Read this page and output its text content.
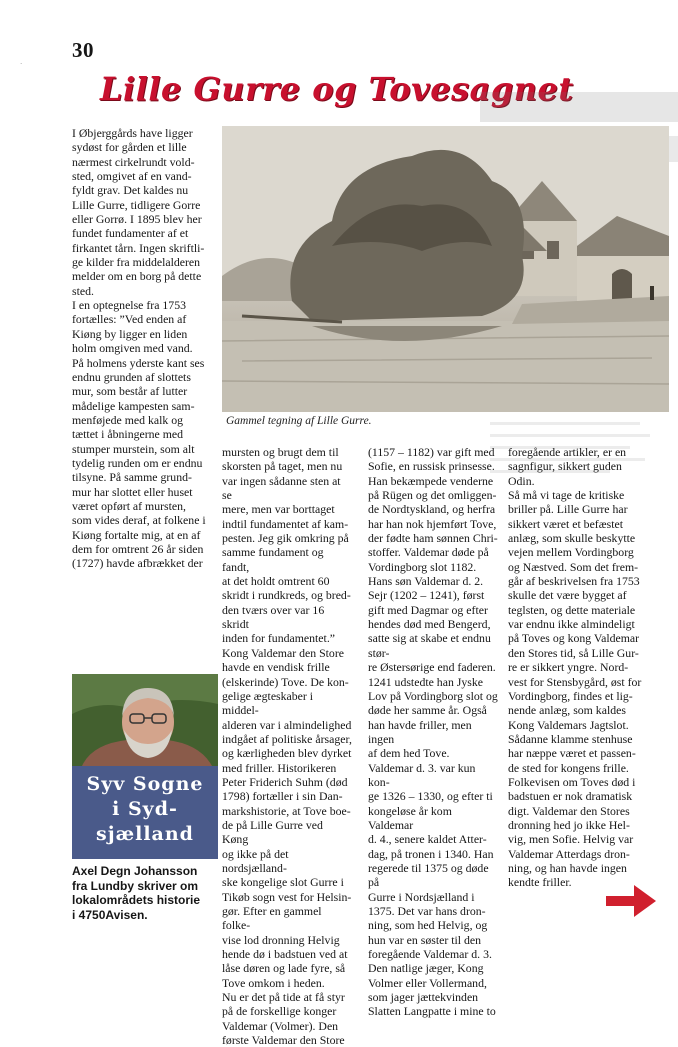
ˊ
30
Lille Gurre og Tovesagnet
Gammel tegning af Lille Gurre.
I Øbjerggårds have ligger
sydøst for gården et lille
nærmest cirkelrundt vold-
sted, omgivet af en vand-
fyldt grav. Det kaldes nu
Lille Gurre, tidligere Gorre
eller Gorrø. I 1895 blev her
fundet fundamenter af et
firkantet tårn. Ingen skriftli-
ge kilder fra middelalderen
melder om en borg på dette
sted.
I en optegnelse fra 1753
fortælles: ”Ved enden af
Kiøng by ligger en liden
holm omgiven med vand.
På holmens yderste kant ses
endnu grunden af slottets
mur, som består af lutter
mådelige kampesten sam-
menføjede med kalk og
tættet i åbningerne med
stumper murstein, som alt
tydelig runden om er endnu
tilsyne. På samme grund-
mur har slottet eller huset
været opført af mursten,
som vides deraf, at folkene i
Kiøng fortalte mig, at en af
dem for omtrent 26 år siden
(1727) havde afbrækket der
mursten og brugt dem til
skorsten på taget, men nu
var ingen sådanne sten at se
mere, men var borttaget
indtil fundamentet af kam-
pesten. Jeg gik omkring på
samme fundament og fandt,
at det holdt omtrent 60
skridt i rundkreds, og bred-
den tværs over var 16 skridt
inden for fundamentet.”
Kong Valdemar den Store
havde en vendisk frille
(elskerinde) Tove. De kon-
gelige ægteskaber i middel-
alderen var i almindelighed
indgået af politiske årsager,
og kærligheden blev dyrket
med friller. Historikeren
Peter Friderich Suhm (død
1798) fortæller i sin Dan-
markshistorie, at Tove boe-
de på Lille Gurre ved Køng
og ikke på det nordsjælland-
ske kongelige slot Gurre i
Tikøb sogn vest for Helsin-
gør. Efter en gammel folke-
vise lod dronning Helvig
hende dø i badstuen ved at
låse døren og lade fyre, så
Tove omkom i heden.
Nu er det på tide at få styr
på de forskellige konger
Valdemar (Volmer). Den
første Valdemar den Store
(1157 – 1182) var gift med
Sofie, en russisk prinsesse.
Han bekæmpede venderne
på Rügen og det omliggen-
de Nordtyskland, og herfra
har han nok hjemført Tove,
der fødte ham sønnen Chri-
stoffer. Valdemar døde på
Vordingborg slot 1182.
Hans søn Valdemar d. 2.
Sejr (1202 – 1241), først
gift med Dagmar og efter
hendes død med Bengerd,
satte sig at skabe et endnu stør-
re Østersørige end faderen.
1241 udstedte han Jyske
Lov på Vordingborg slot og
døde her samme år. Også
han havde friller, men ingen
af dem hed Tove.
Valdemar d. 3. var kun kon-
ge 1326 – 1330, og efter ti
kongeløse år kom Valdemar
d. 4., senere kaldet Atter-
dag, på tronen i 1340. Han
regerede til 1375 og døde på
Gurre i Nordsjælland i
1375. Det var hans dron-
ning, som hed Helvig, og
hun var en søster til den
foregående Valdemar d. 3.
Den natlige jæger, Kong
Volmer eller Vollermand,
som jager jættekvinden
Slatten Langpatte i mine to
foregående artikler, er en
sagnfigur, sikkert guden
Odin.
Så må vi tage de kritiske
briller på. Lille Gurre har
sikkert været et befæstet
anlæg, som skulle beskytte
vejen mellem Vordingborg
og Næstved. Som det frem-
går af beskrivelsen fra 1753
skulle det være bygget af
teglsten, og dette materiale
var endnu ikke almindeligt
på Toves og kong Valdemar
den Stores tid, så Lille Gur-
re er sikkert yngre. Nord-
vest for Stensbygård, øst for
Vordingborg, findes et lig-
nende anlæg, som kaldes
Kong Valdemars Jagtslot.
Sådanne klamme stenhuse
har næppe været et passen-
de sted for kongens frille.
Folkevisen om Toves død i
badstuen er nok dramatisk
digt. Valdemar den Stores
dronning hed jo ikke Hel-
vig, men Sofie. Helvig var
Valdemar Atterdags dron-
ning, og han havde ingen
kendte friller.
Syv Sogne
i Syd-
sjælland
Axel Degn Johansson
fra Lundby skriver om
lokalområdets historie
i 4750Avisen.
